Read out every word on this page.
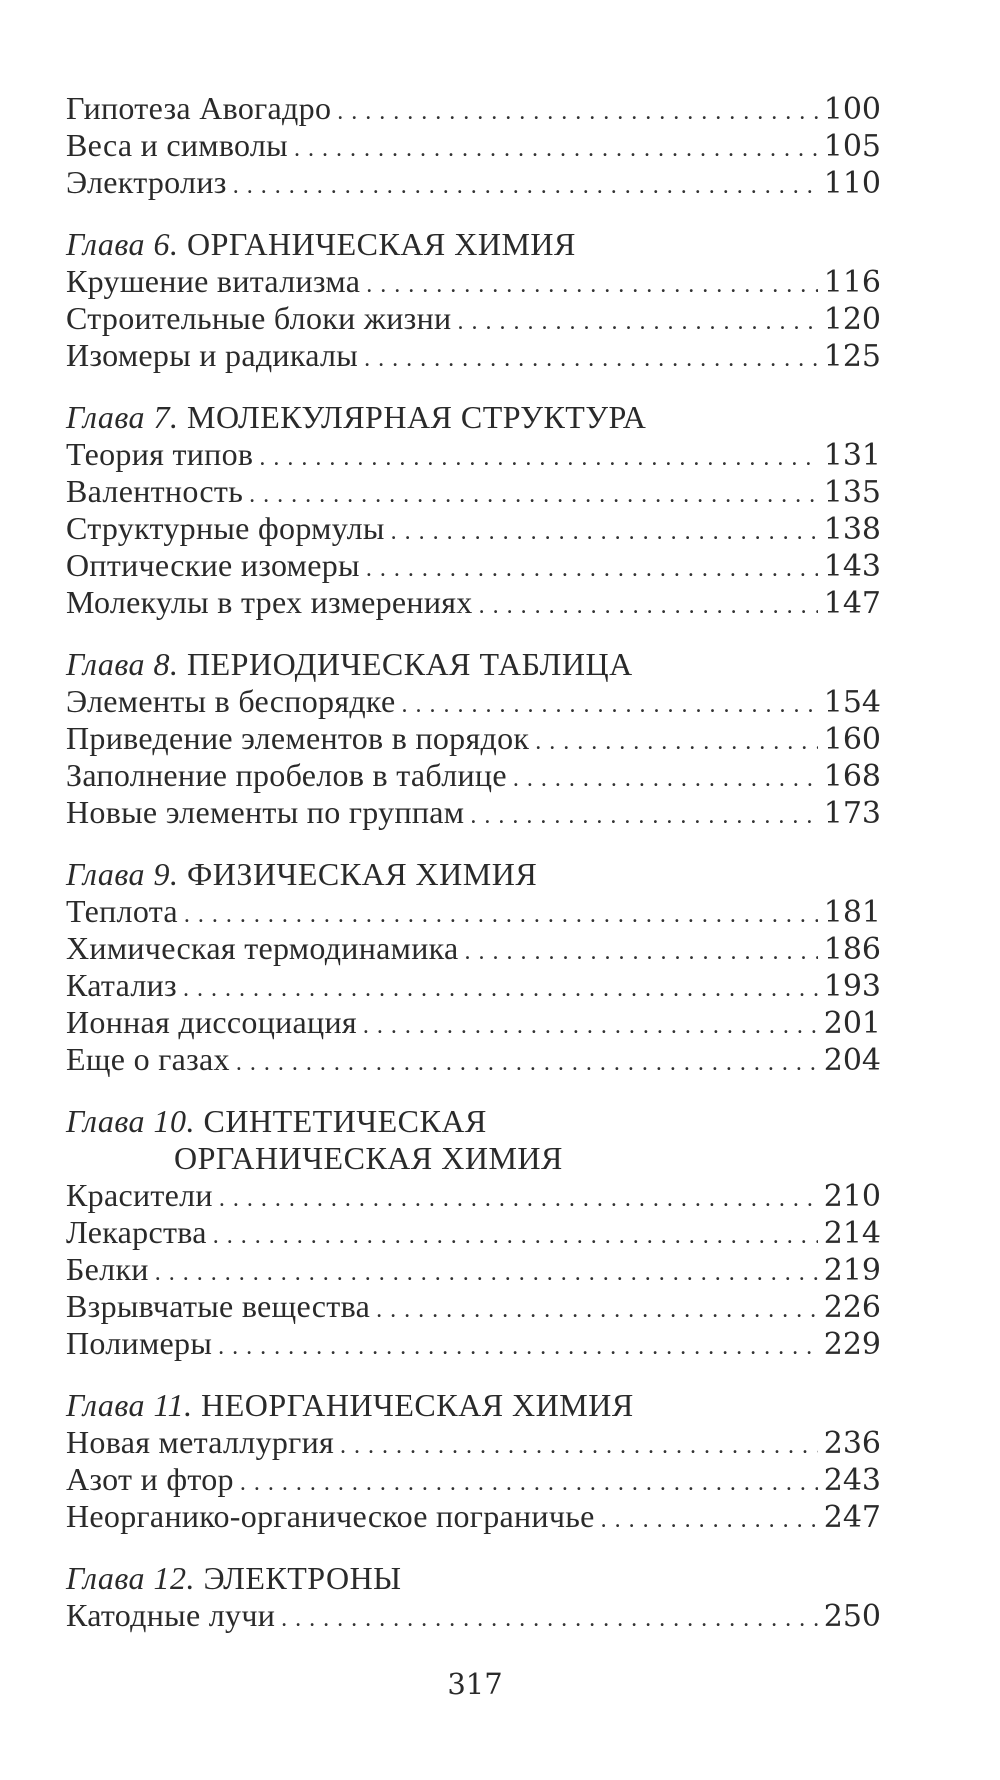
Гипотеза Авогадро . . .	100
Веса и символы . . .	105
Электролиз . . .	110
Глава 6. ОРГАНИЧЕСКАЯ ХИМИЯ
Крушение витализма . . .	116
Строительные блоки жизни . . .	120
Изомеры и радикалы . . .	125
Глава 7. МОЛЕКУЛЯРНАЯ СТРУКТУРА
Теория типов . . .	131
Валентность . . .	135
Структурные формулы . . .	138
Оптические изомеры . . .	143
Молекулы в трех измерениях . . .	147
Глава 8. ПЕРИОДИЧЕСКАЯ ТАБЛИЦА
Элементы в беспорядке . . .	154
Приведение элементов в порядок . . .	160
Заполнение пробелов в таблице . . .	168
Новые элементы по группам . . .	173
Глава 9. ФИЗИЧЕСКАЯ ХИМИЯ
Теплота . . .	181
Химическая термодинамика . . .	186
Катализ . . .	193
Ионная диссоциация . . .	201
Еще о газах . . .	204
Глава 10. СИНТЕТИЧЕСКАЯ
ОРГАНИЧЕСКАЯ ХИМИЯ
Красители . . .	210
Лекарства . . .	214
Белки . . .	219
Взрывчатые вещества . . .	226
Полимеры . . .	229
Глава 11. НЕОРГАНИЧЕСКАЯ ХИМИЯ
Новая металлургия . . .	236
Азот и фтор . . .	243
Неорганико-органическое пограничье . . .	247
Глава 12. ЭЛЕКТРОНЫ
Катодные лучи . . .	250
317
